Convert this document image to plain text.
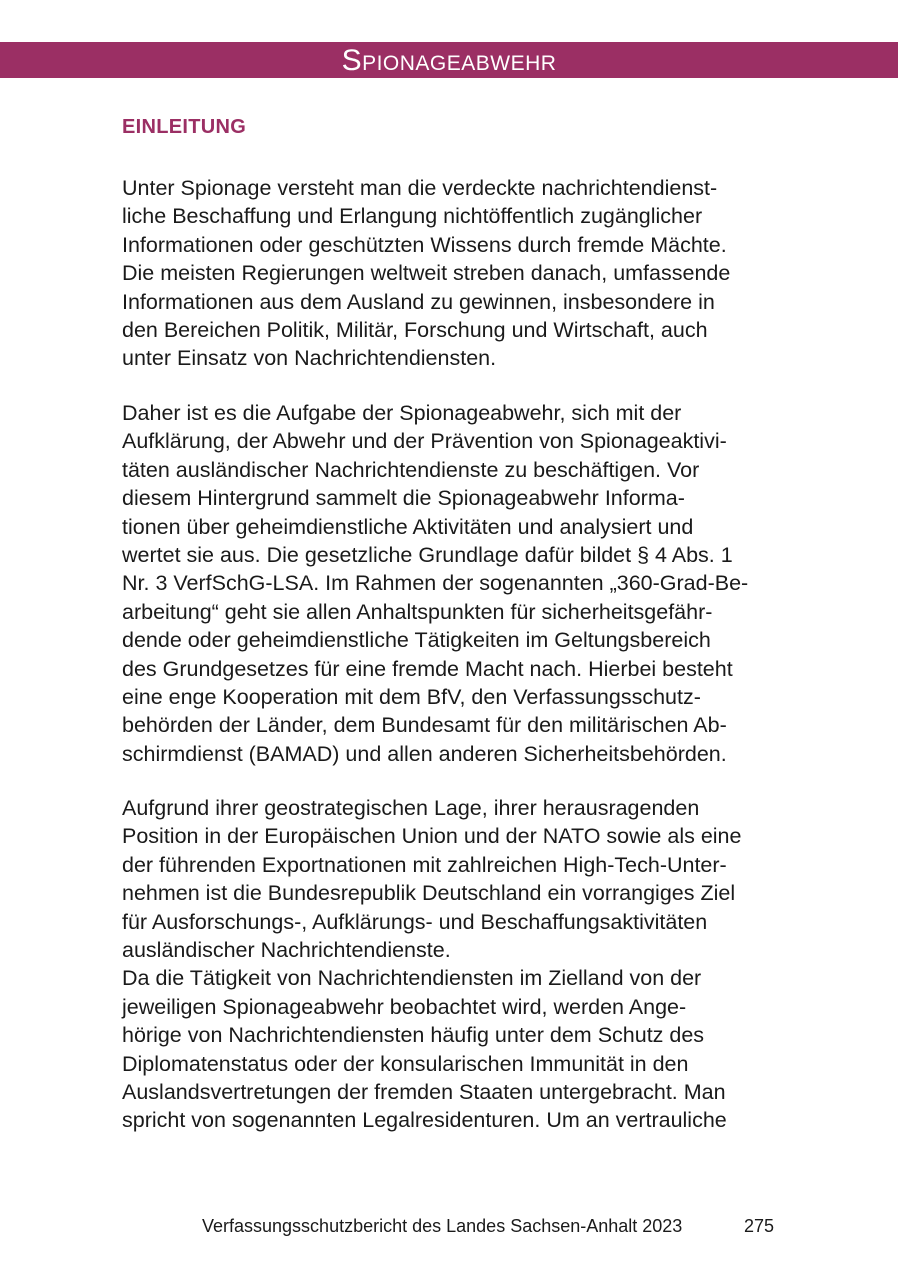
Spionageabwehr
EINLEITUNG
Unter Spionage versteht man die verdeckte nachrichtendienst-
liche Beschaffung und Erlangung nichtöffentlich zugänglicher
Informationen oder geschützten Wissens durch fremde Mächte.
Die meisten Regierungen weltweit streben danach, umfassende
Informationen aus dem Ausland zu gewinnen, insbesondere in
den Bereichen Politik, Militär, Forschung und Wirtschaft, auch
unter Einsatz von Nachrichtendiensten.
Daher ist es die Aufgabe der Spionageabwehr, sich mit der
Aufklärung, der Abwehr und der Prävention von Spionageaktivi-
täten ausländischer Nachrichtendienste zu beschäftigen. Vor
diesem Hintergrund sammelt die Spionageabwehr Informa-
tionen über geheimdienstliche Aktivitäten und analysiert und
wertet sie aus. Die gesetzliche Grundlage dafür bildet § 4 Abs. 1
Nr. 3 VerfSchG-LSA. Im Rahmen der sogenannten „360-Grad-Be-
arbeitung“ geht sie allen Anhaltspunkten für sicherheitsgefähr-
dende oder geheimdienstliche Tätigkeiten im Geltungsbereich
des Grundgesetzes für eine fremde Macht nach. Hierbei besteht
eine enge Kooperation mit dem BfV, den Verfassungsschutz-
behörden der Länder, dem Bundesamt für den militärischen Ab-
schirmdienst (BAMAD) und allen anderen Sicherheitsbehörden.
Aufgrund ihrer geostrategischen Lage, ihrer herausragenden
Position in der Europäischen Union und der NATO sowie als eine
der führenden Exportnationen mit zahlreichen High-Tech-Unter-
nehmen ist die Bundesrepublik Deutschland ein vorrangiges Ziel
für Ausforschungs-, Aufklärungs- und Beschaffungsaktivitäten
ausländischer Nachrichtendienste.
Da die Tätigkeit von Nachrichtendiensten im Zielland von der
jeweiligen Spionageabwehr beobachtet wird, werden Ange-
hörige von Nachrichtendiensten häufig unter dem Schutz des
Diplomatenstatus oder der konsularischen Immunität in den
Auslandsvertretungen der fremden Staaten untergebracht. Man
spricht von sogenannten Legalresidenturen. Um an vertrauliche
Verfassungsschutzbericht des Landes Sachsen-Anhalt 2023	275
